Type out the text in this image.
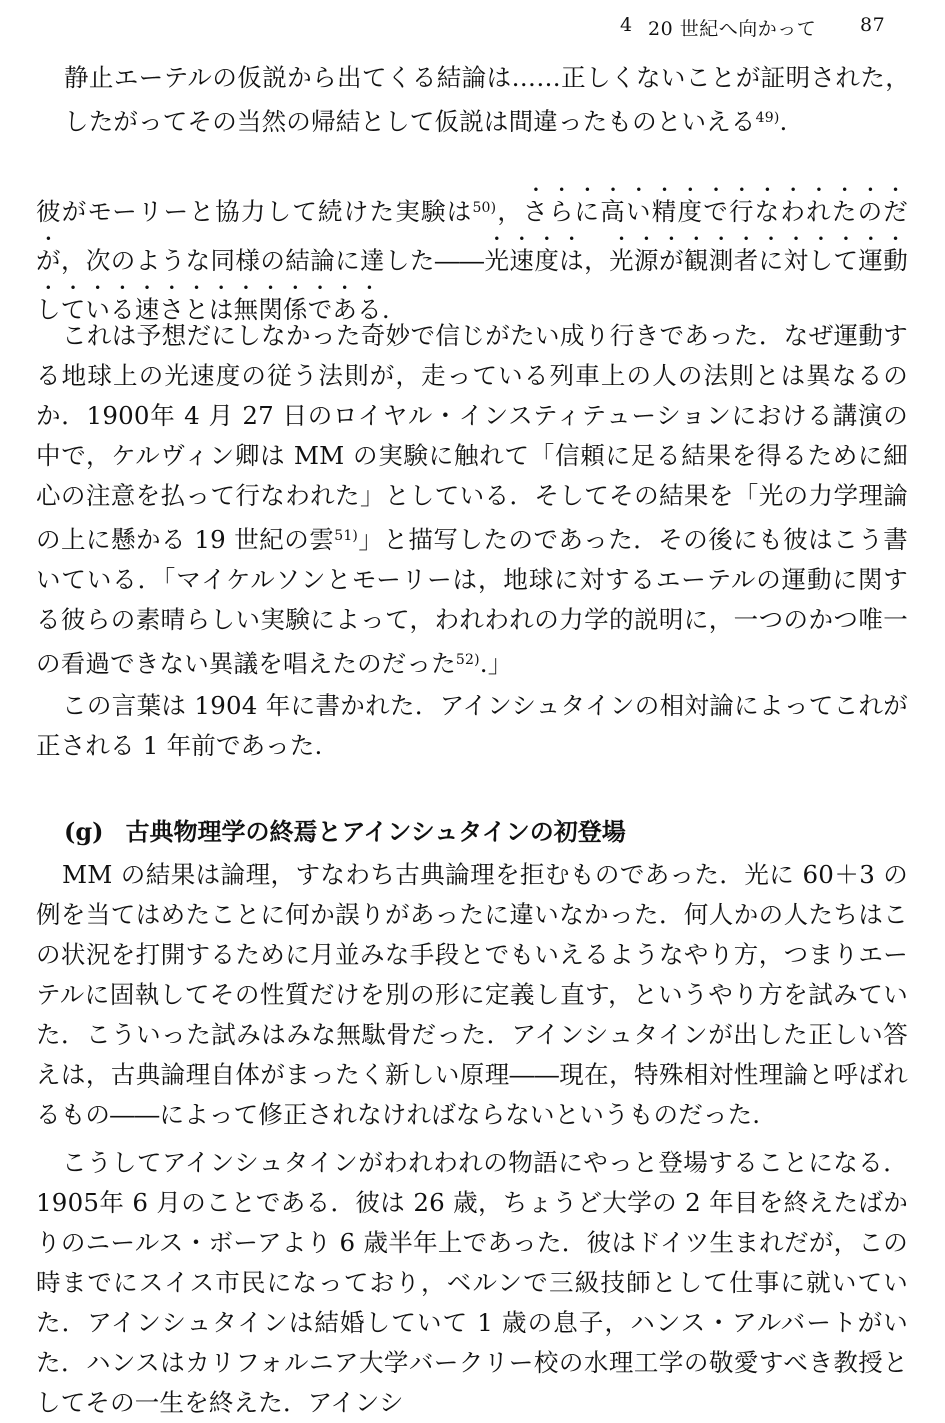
4 20 世紀へ向かって 87
静止エーテルの仮説から出てくる結論は……正しくないことが証明された，したがってその当然の帰結として仮説は間違ったものといえる$^{49)}$.
彼がモーリーと協力して続けた実験は$^{50)}$，さらに高い精度で行なわれたのだが，次のような同様の結論に達した――光速度は，光源が観測者に対して運動している速さとは無関係である.
これは予想だにしなかった奇妙で信じがたい成り行きであった．なぜ運動する地球上の光速度の従う法則が，走っている列車上の人の法則とは異なるのか．1900年 4 月 27 日のロイヤル・インスティテューションにおける講演の中で，ケルヴィン卿は MM の実験に触れて「信頼に足る結果を得るために細心の注意を払って行なわれた」としている．そしてその結果を「光の力学理論の上に懸かる 19 世紀の雲$^{51)}$」と描写したのであった．その後にも彼はこう書いている．「マイケルソンとモーリーは，地球に対するエーテルの運動に関する彼らの素晴らしい実験によって，われわれの力学的説明に，一つのかつ唯一の看過できない異議を唱えたのだった$^{52)}$.」
この言葉は 1904 年に書かれた．アインシュタインの相対論によってこれが正される 1 年前であった.
(g) 古典物理学の終焉とアインシュタインの初登場
MM の結果は論理，すなわち古典論理を拒むものであった．光に 60＋3 の例を当てはめたことに何か誤りがあったに違いなかった．何人かの人たちはこの状況を打開するために月並みな手段とでもいえるようなやり方，つまりエーテルに固執してその性質だけを別の形に定義し直す，というやり方を試みていた．こういった試みはみな無駄骨だった．アインシュタインが出した正しい答えは，古典論理自体がまったく新しい原理――現在，特殊相対性理論と呼ばれるもの――によって修正されなければならないというものだった.
こうしてアインシュタインがわれわれの物語にやっと登場することになる．1905年 6 月のことである．彼は 26 歳，ちょうど大学の 2 年目を終えたばかりのニールス・ボーアより 6 歳半年上であった．彼はドイツ生まれだが，この時までにスイス市民になっており，ベルンで三級技師として仕事に就いていた．アインシュタインは結婚していて 1 歳の息子，ハンス・アルバートがいた．ハンスはカリフォルニア大学バークリー校の水理工学の敬愛すべき教授としてその一生を終えた．アインシ
